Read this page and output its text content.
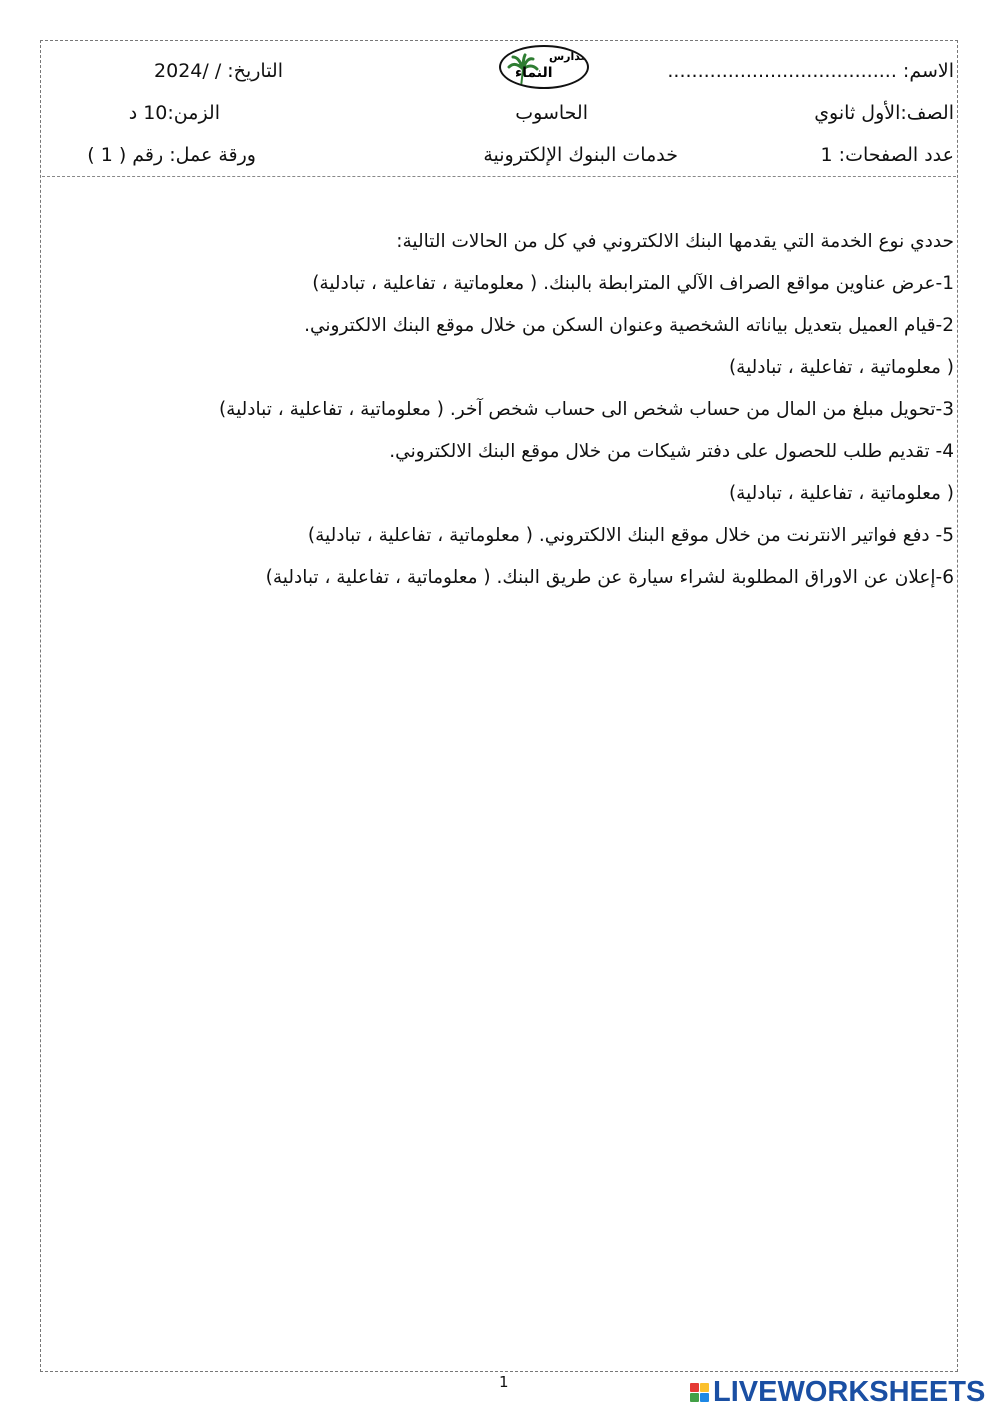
الاسم: ......................................
التاريخ: / /2024
مدارس
النماء
الصف:الأول ثانوي
الحاسوب
الزمن:10 د
عدد الصفحات: 1
خدمات البنوك الإلكترونية
ورقة عمل: رقم ( 1 )
حددي نوع الخدمة التي يقدمها البنك الالكتروني في كل من الحالات التالية:
1-عرض عناوين مواقع الصراف الآلي المترابطة بالبنك. ( معلوماتية ، تفاعلية ، تبادلية)
2-قيام العميل بتعديل بياناته الشخصية وعنوان السكن من خلال موقع البنك الالكتروني.
( معلوماتية ، تفاعلية ، تبادلية)
3-تحويل مبلغ من المال من حساب شخص الى حساب شخص آخر. ( معلوماتية ، تفاعلية ، تبادلية)
4- تقديم طلب للحصول على دفتر شيكات من خلال موقع البنك الالكتروني.
( معلوماتية ، تفاعلية ، تبادلية)
5- دفع فواتير الانترنت من خلال موقع البنك الالكتروني. ( معلوماتية ، تفاعلية ، تبادلية)
6-إعلان عن الاوراق المطلوبة لشراء سيارة عن طريق البنك. ( معلوماتية ، تفاعلية ، تبادلية)
1	LIVEWORKSHEETS
